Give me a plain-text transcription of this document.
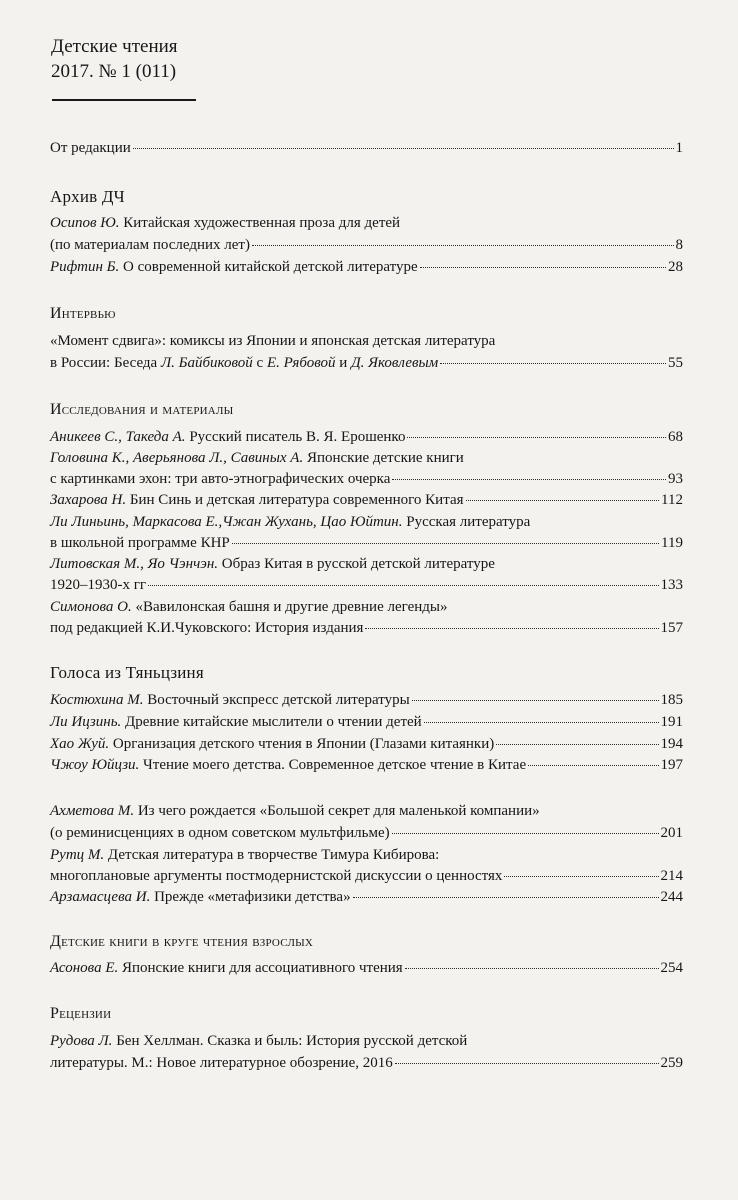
Детские чтения
2017. № 1 (011)
От редакции	1
Архив ДЧ
Осипов Ю.
Китайская художественная проза для детей
(по материалам последних лет)	8
Рифтин Б.
О современной китайской детской литературе	28
Интервью
«Момент сдвига»: комиксы из Японии и японская детская литература
в России: Беседа Л. Байбиковой с Е. Рябовой и Д. Яковлевым	55
Исследования и материалы
Аникеев С., Такеда А.
Русский писатель В. Я. Ерошенко	68
Головина К., Аверьянова Л., Савиных А.
Японские детские книги
с картинками эхон: три авто-этнографических очерка	93
Захарова Н.
Бин Синь и детская литература современного Китая	112
Ли Линьинь, Маркасова Е.,Чжан Жухань, Цао Юйтин.
Русская литература
в школьной программе КНР	119
Литовская М., Яо Чэнчэн.
Образ Китая в русской детской литературе
1920–1930-х гг	133
Симонова О.
«Вавилонская башня и другие древние легенды»
под редакцией К.И.Чуковского: История издания	157
Голоса из Тяньцзиня
Костюхина М.
Восточный экспресс детской литературы	185
Ли Ицзинь.
Древние китайские мыслители о чтении детей	191
Хао Жуй.
Организация детского чтения в Японии (Глазами китаянки)	194
Чжоу Юйцзи.
Чтение моего детства. Современное детское чтение в Китае	197
Ахметова М.
Из чего рождается «Большой секрет для маленькой компании»
(о реминисценциях в одном советском мультфильме)	201
Рутц М.
Детская литература в творчестве Тимура Кибирова:
многоплановые аргументы постмодернистской дискуссии о ценностях	214
Арзамасцева И.
Прежде «метафизики детства»	244
Детские книги в круге чтения взрослых
Асонова Е.
Японские книги для ассоциативного чтения	254
Рецензии
Рудова Л.
Бен Хеллман. Сказка и быль: История русской детской
литературы. М.: Новое литературное обозрение, 2016	259
